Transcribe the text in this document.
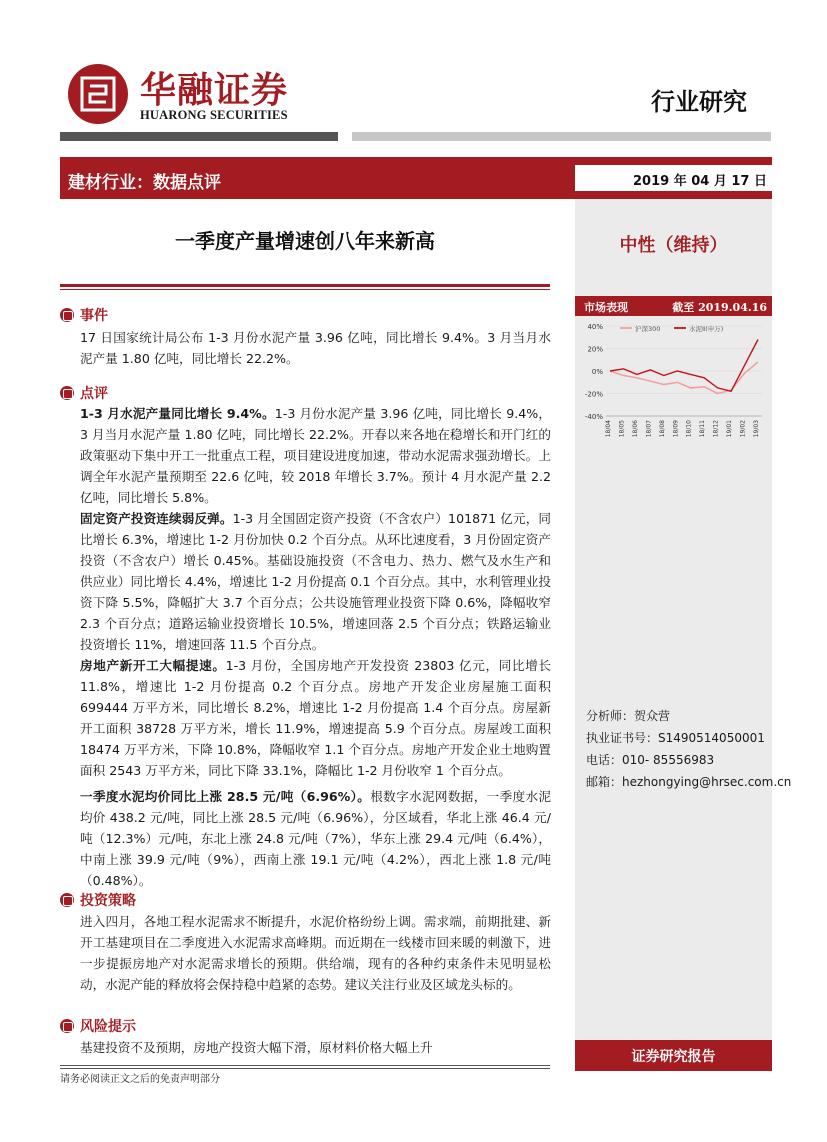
华融证券
HUARONG SECURITIES	行业研究
建材行业：数据点评	2019 年 04 月 17 日
一季度产量增速创八年来新高	中性（维持）
事件

17 日国家统计局公布 1-3 月份水泥产量 3.96 亿吨，同比增长 9.4%。3 月当月水泥产量 1.80 亿吨，同比增长 22.2%。

点评

1-3 月水泥产量同比增长 9.4%。1-3 月份水泥产量 3.96 亿吨，同比增长 9.4%，3 月当月水泥产量 1.80 亿吨，同比增长 22.2%。开春以来各地在稳增长和开门红的政策驱动下集中开工一批重点工程，项目建设进度加速，带动水泥需求强劲增长。上调全年水泥产量预期至 22.6 亿吨，较 2018 年增长 3.7%。预计 4 月水泥产量 2.2 亿吨，同比增长 5.8%。

固定资产投资连续弱反弹。1-3 月全国固定资产投资（不含农户）101871 亿元，同比增长 6.3%，增速比 1-2 月份加快 0.2 个百分点。从环比速度看，3 月份固定资产投资（不含农户）增长 0.45%。基础设施投资（不含电力、热力、燃气及水生产和供应业）同比增长 4.4%，增速比 1-2 月份提高 0.1 个百分点。其中，水利管理业投资下降 5.5%，降幅扩大 3.7 个百分点；公共设施管理业投资下降 0.6%，降幅收窄 2.3 个百分点；道路运输业投资增长 10.5%，增速回落 2.5 个百分点；铁路运输业投资增长 11%，增速回落 11.5 个百分点。

房地产新开工大幅提速。1-3 月份，全国房地产开发投资 23803 亿元，同比增长 11.8%，增速比 1-2 月份提高 0.2 个百分点。房地产开发企业房屋施工面积 699444 万平方米，同比增长 8.2%，增速比 1-2 月份提高 1.4 个百分点。房屋新开工面积 38728 万平方米，增长 11.9%，增速提高 5.9 个百分点。房屋竣工面积 18474 万平方米，下降 10.8%，降幅收窄 1.1 个百分点。房地产开发企业土地购置面积 2543 万平方米，同比下降 33.1%，降幅比 1-2 月份收窄 1 个百分点。

一季度水泥均价同比上涨 28.5 元/吨（6.96%）。根数字水泥网数据，一季度水泥均价 438.2 元/吨，同比上涨 28.5 元/吨（6.96%），分区域看，华北上涨 46.4 元/吨（12.3%）元/吨，东北上涨 24.8 元/吨（7%），华东上涨 29.4 元/吨（6.4%），中南上涨 39.9 元/吨（9%），西南上涨 19.1 元/吨（4.2%），西北上涨 1.8 元/吨（0.48%）。

投资策略

进入四月，各地工程水泥需求不断提升，水泥价格纷纷上调。需求端，前期批建、新开工基建项目在二季度进入水泥需求高峰期。而近期在一线楼市回来暖的刺激下，进一步提振房地产对水泥需求增长的预期。供给端，现有的各种约束条件未见明显松动，水泥产能的释放将会保持稳中趋紧的态势。建议关注行业及区域龙头标的。

风险提示

基建投资不及预期，房地产投资大幅下滑，原材料价格大幅上升

市场表现	截至 2019.04.16
40%
20%
0%
-20%
-40%
18/04 18/05 18/06 18/07 18/08 18/09 18/10 18/11 18/12 19/01 19/02 19/03
沪深300	水泥Ⅱ(申万)
分析师：贺众营
执业证书号：S1490514050001
电话：010- 85556983
邮箱：hezhongying@hrsec.com.cn
证券研究报告
请务必阅读正文之后的免责声明部分
